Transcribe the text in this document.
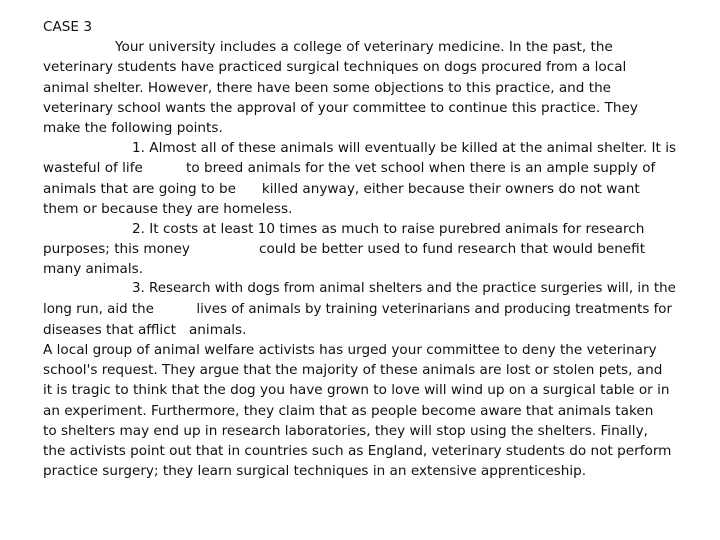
CASE 3
Your university includes a college of veterinary medicine. In the past, the
veterinary students have practiced surgical techniques on dogs procured from a local
animal shelter. However, there have been some objections to this practice, and the
veterinary school wants the approval of your committee to continue this practice. They
make the following points.
1. Almost all of these animals will eventually be killed at the animal shelter. It is
wasteful of life          to breed animals for the vet school when there is an ample supply of
animals that are going to be      killed anyway, either because their owners do not want
them or because they are homeless.
2. It costs at least 10 times as much to raise purebred animals for research
purposes; this money                could be better used to fund research that would benefit
many animals.
3. Research with dogs from animal shelters and the practice surgeries will, in the
long run, aid the          lives of animals by training veterinarians and producing treatments for
diseases that afflict   animals.
A local group of animal welfare activists has urged your committee to deny the veterinary
school's request. They argue that the majority of these animals are lost or stolen pets, and
it is tragic to think that the dog you have grown to love will wind up on a surgical table or in
an experiment. Furthermore, they claim that as people become aware that animals taken
to shelters may end up in research laboratories, they will stop using the shelters. Finally,
the activists point out that in countries such as England, veterinary students do not perform
practice surgery; they learn surgical techniques in an extensive apprenticeship.
